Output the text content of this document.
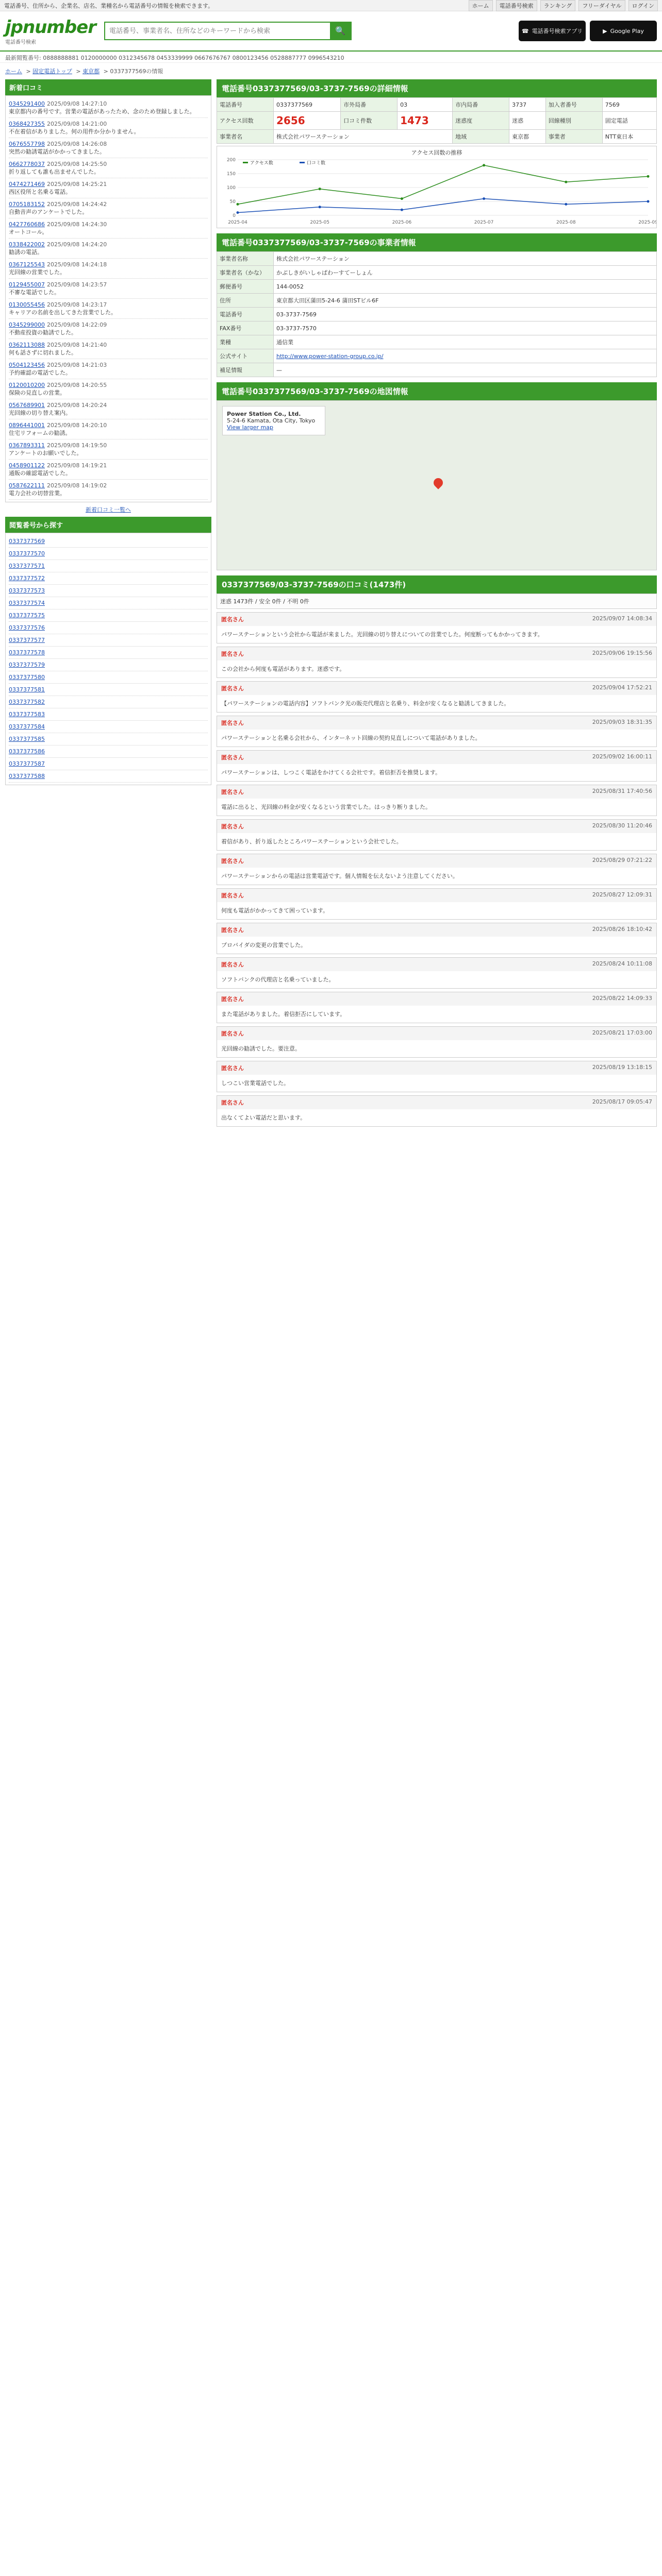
電話番号、住所から、企業名、店名、業種名から電話番号の情報を検索できます。	ホーム	電話番号検索	ランキング	フリーダイヤル	ログイン
jpnumber
電話番号検索
電話番号、事業者名、住所などのキーワードから検索
🔍	☎ 電話番号検索アプリ	▶ Google Play
最新閲覧番号: 0888888881 0120000000 0312345678 0453339999 0667676767 0800123456 0528887777 0996543210
ホーム > 固定電話トップ > 東京都 > 0337377569の情報
新着口コミ
0345291400 2025/09/08 14:27:10
東京都内の番号です。営業の電話があったため、念のため登録しました。
0368427355 2025/09/08 14:21:00
不在着信がありました。何の用件か分かりません。
0676557798 2025/09/08 14:26:08
突然の勧誘電話がかかってきました。
0662778037 2025/09/08 14:25:50
折り返しても誰も出ませんでした。
0474271469 2025/09/08 14:25:21
西区役所と名乗る電話。
0705183152 2025/09/08 14:24:42
自動音声のアンケートでした。
0427760686 2025/09/08 14:24:30
オートコール。
0338422002 2025/09/08 14:24:20
勧誘の電話。
0367125543 2025/09/08 14:24:18
光回線の営業でした。
0129455007 2025/09/08 14:23:57
不審な電話でした。
0130055456 2025/09/08 14:23:17
キャリアの名前を出してきた営業でした。
0345299000 2025/09/08 14:22:09
不動産投資の勧誘でした。
0362113088 2025/09/08 14:21:40
何も話さずに切れました。
0504123456 2025/09/08 14:21:03
予約確認の電話でした。
0120010200 2025/09/08 14:20:55
保険の見直しの営業。
0567689901 2025/09/08 14:20:24
光回線の切り替え案内。
0896441001 2025/09/08 14:20:10
住宅リフォームの勧誘。
0367893311 2025/09/08 14:19:50
アンケートのお願いでした。
0458901122 2025/09/08 14:19:21
通販の確認電話でした。
0587622111 2025/09/08 14:19:02
電力会社の切替営業。
新着口コミ一覧へ
閲覧番号から探す
0337377569
0337377570
0337377571
0337377572
0337377573
0337377574
0337377575
0337377576
0337377577
0337377578
0337377579
0337377580
0337377581
0337377582
0337377583
0337377584
0337377585
0337377586
0337377587
0337377588
電話番号0337377569/03-3737-7569の詳細情報
電話番号	0337377569	市外局番	03	市内局番	3737	加入者番号	7569
アクセス回数	2656	口コミ件数	1473	迷惑度	迷惑	回線種別	固定電話
事業者名	株式会社パワーステーション			地域	東京都	事業者	NTT東日本
アクセス回数の推移
0
50
100
150
200
2025-04	2025-05	2025-06	2025-07	2025-08	2025-09
アクセス数	口コミ数
電話番号0337377569/03-3737-7569の事業者情報
事業者名称	株式会社パワーステーション
事業者名（かな）	かぶしきがいしゃぱわーすてーしょん
郵便番号	144-0052
住所	東京都大田区蒲田5-24-6 蒲田STビル6F
電話番号	03-3737-7569
FAX番号	03-3737-7570
業種	通信業
公式サイト	http://www.power-station-group.co.jp/
補足情報	—
電話番号0337377569/03-3737-7569の地図情報
Power Station Co., Ltd.
5-24-6 Kamata, Ota City, Tokyo
View larger map
0337377569/03-3737-7569の口コミ(1473件)
迷惑 1473件 / 安全 0件 / 不明 0件
匿名さん	2025/09/07 14:08:34
パワーステーションという会社から電話が来ました。光回線の切り替えについての営業でした。何度断ってもかかってきます。
匿名さん	2025/09/06 19:15:56
この会社から何度も電話があります。迷惑です。
匿名さん	2025/09/04 17:52:21
【パワーステーションの電話内容】ソフトバンク光の販売代理店と名乗り、料金が安くなると勧誘してきました。
匿名さん	2025/09/03 18:31:35
パワーステーションと名乗る会社から、インターネット回線の契約見直しについて電話がありました。
匿名さん	2025/09/02 16:00:11
パワーステーションは、しつこく電話をかけてくる会社です。着信拒否を推奨します。
匿名さん	2025/08/31 17:40:56
電話に出ると、光回線の料金が安くなるという営業でした。はっきり断りました。
匿名さん	2025/08/30 11:20:46
着信があり、折り返したところパワーステーションという会社でした。
匿名さん	2025/08/29 07:21:22
パワーステーションからの電話は営業電話です。個人情報を伝えないよう注意してください。
匿名さん	2025/08/27 12:09:31
何度も電話がかかってきて困っています。
匿名さん	2025/08/26 18:10:42
プロバイダの変更の営業でした。
匿名さん	2025/08/24 10:11:08
ソフトバンクの代理店と名乗っていました。
匿名さん	2025/08/22 14:09:33
また電話がありました。着信拒否にしています。
匿名さん	2025/08/21 17:03:00
光回線の勧誘でした。要注意。
匿名さん	2025/08/19 13:18:15
しつこい営業電話でした。
匿名さん	2025/08/17 09:05:47
出なくてよい電話だと思います。
